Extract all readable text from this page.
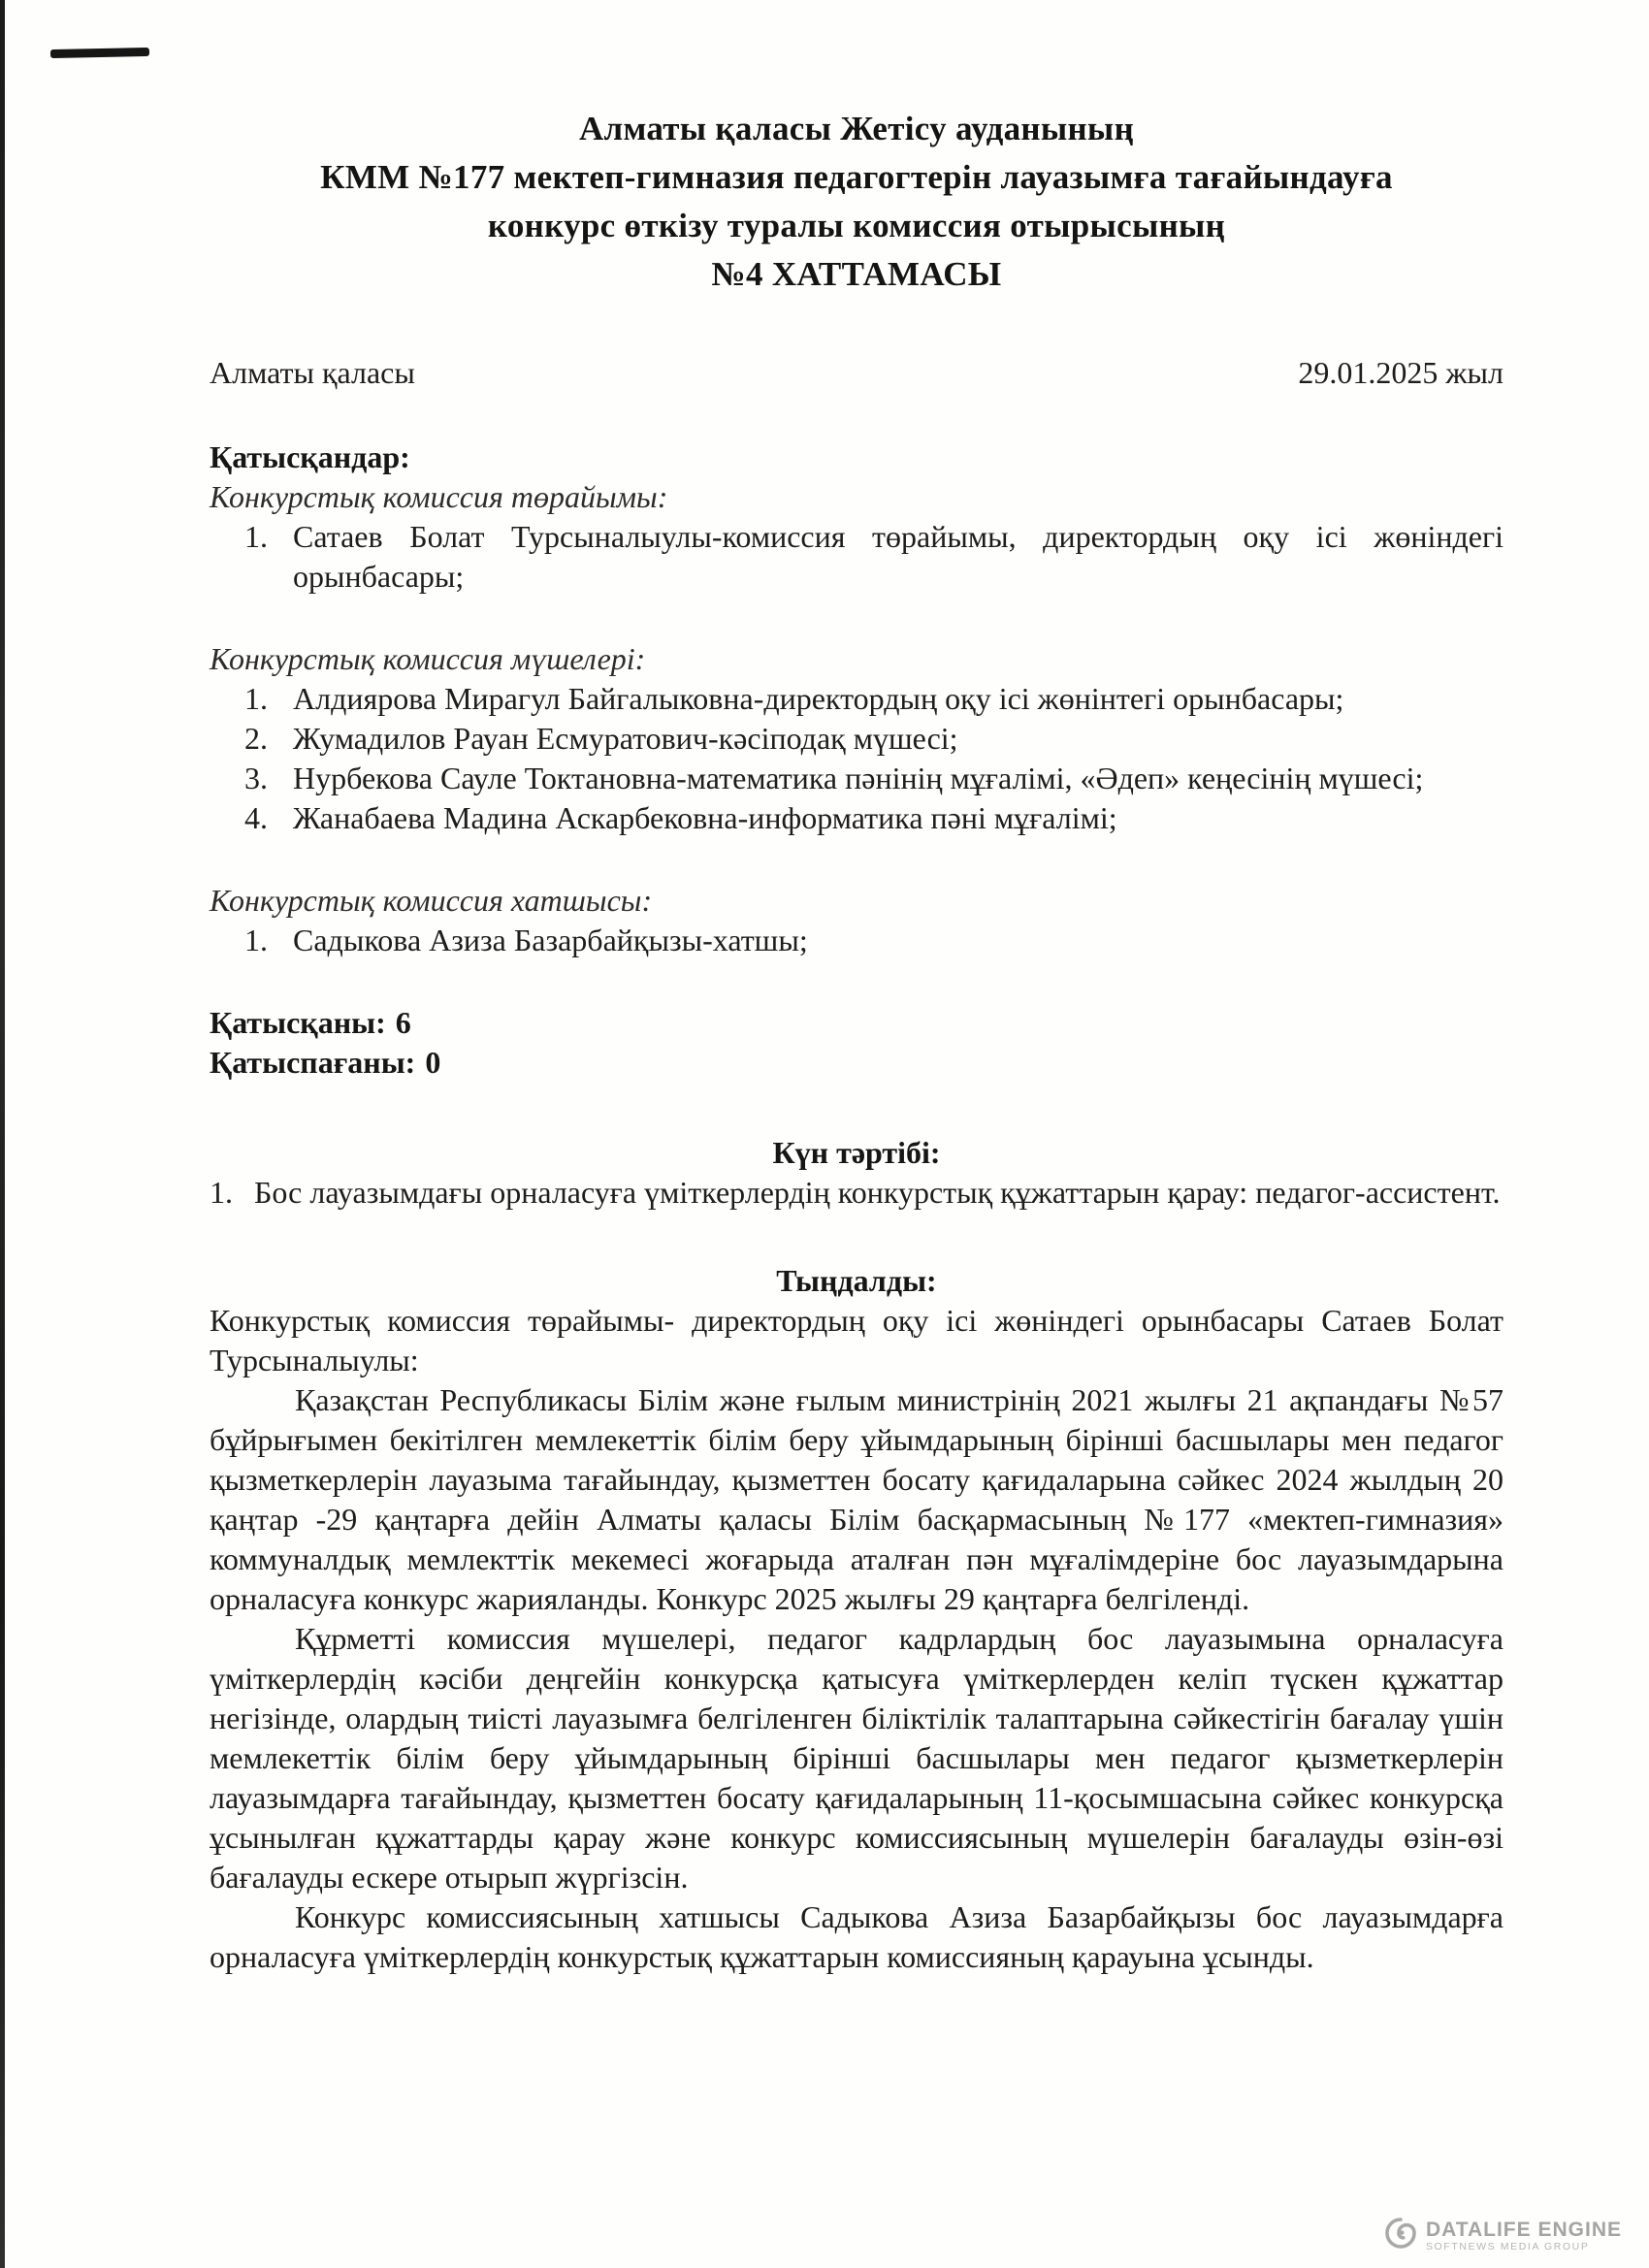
Алматы қаласы Жетісу ауданының
КММ №177 мектеп-гимназия педагогтерін лауазымға тағайындауға
конкурс өткізу туралы комиссия отырысының
№4 ХАТТАМАСЫ
Алматы қаласы	29.01.2025 жыл
Қатысқандар:
Конкурстық комиссия төрайымы:
1. Сатаев Болат Турсыналыулы-комиссия төрайымы, директордың оқу ісі жөніндегі орынбасары;
Конкурстық комиссия мүшелері:
1. Алдиярова Мирагул Байгалыковна-директордың оқу ісі жөнінтегі орынбасары;
2. Жумадилов Рауан Есмуратович-кәсіподақ мүшесі;
3. Нурбекова Сауле Токтановна-математика пәнінің мұғалімі, «Әдеп» кеңесінің мүшесі;
4. Жанабаева Мадина Аскарбековна-информатика пәні мұғалімі;
Конкурстық комиссия хатшысы:
1. Садыкова Азиза Базарбайқызы-хатшы;
Қатысқаны: 6
Қатыспағаны: 0
Күн тәртібі:
1. Бос лауазымдағы орналасуға үміткерлердің конкурстық құжаттарын қарау: педагог-ассистент.
Тыңдалды:

Конкурстық комиссия төрайымы- директордың оқу ісі жөніндегі орынбасары Сатаев Болат Турсыналыулы:

Қазақстан Республикасы Білім және ғылым министрінің 2021 жылғы 21 ақпандағы №57 бұйрығымен бекітілген мемлекеттік білім беру ұйымдарының бірінші басшылары мен педагог қызметкерлерін лауазыма тағайындау, қызметтен босату қағидаларына сәйкес 2024 жылдың 20 қаңтар -29 қаңтарға дейін Алматы қаласы Білім басқармасының №177 «мектеп-гимназия» коммуналдық мемлекттік мекемесі жоғарыда аталған пән мұғалімдеріне бос лауазымдарына орналасуға конкурс жарияланды. Конкурс 2025 жылғы 29 қаңтарға белгіленді.

Құрметті комиссия мүшелері, педагог кадрлардың бос лауазымына орналасуға үміткерлердің кәсіби деңгейін конкурсқа қатысуға үміткерлерден келіп түскен құжаттар негізінде, олардың тиісті лауазымға белгіленген біліктілік талаптарына сәйкестігін бағалау үшін мемлекеттік білім беру ұйымдарының бірінші басшылары мен педагог қызметкерлерін лауазымдарға тағайындау, қызметтен босату қағидаларының 11-қосымшасына сәйкес конкурсқа ұсынылған құжаттарды қарау және конкурс комиссиясының мүшелерін бағалауды өзін-өзі бағалауды ескере отырып жүргізсін.

Конкурс комиссиясының хатшысы Садыкова Азиза Базарбайқызы бос лауазымдарға орналасуға үміткерлердің конкурстық құжаттарын комиссияның қарауына ұсынды.

DATALIFE ENGINE
SOFTNEWS MEDIA GROUP
